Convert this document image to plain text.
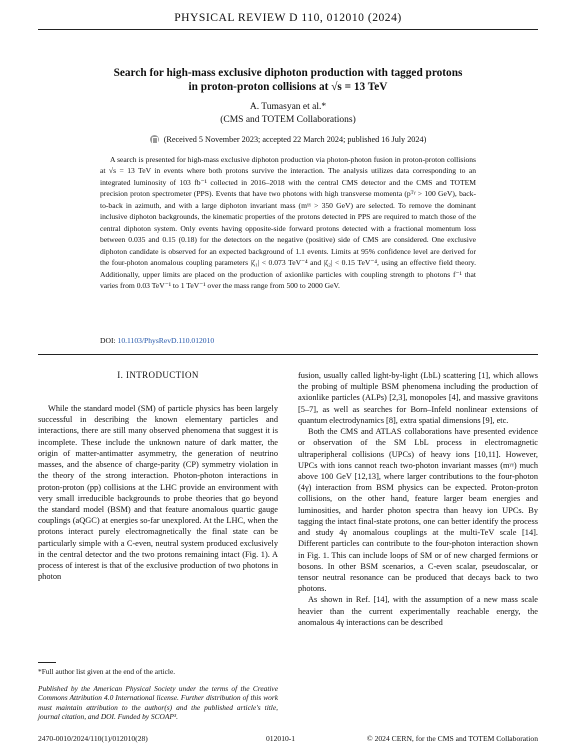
PHYSICAL REVIEW D 110, 012010 (2024)
Search for high-mass exclusive diphoton production with tagged protons
in proton-proton collisions at √s = 13 TeV
A. Tumasyan et al.*
(CMS and TOTEM Collaborations)
(Received 5 November 2023; accepted 22 March 2024; published 16 July 2024)
A search is presented for high-mass exclusive diphoton production via photon-photon fusion in proton-proton collisions at √s = 13 TeV in events where both protons survive the interaction. The analysis utilizes data corresponding to an integrated luminosity of 103 fb⁻¹ collected in 2016–2018 with the central CMS detector and the CMS and TOTEM precision proton spectrometer (PPS). Events that have two photons with high transverse momenta (pᵀᵞ > 100 GeV), back-to-back in azimuth, and with a large diphoton invariant mass (mᵞᵞ > 350 GeV) are selected. To remove the dominant inclusive diphoton backgrounds, the kinematic properties of the protons detected in PPS are required to match those of the central diphoton system. Only events having opposite-side forward protons detected with a fractional momentum loss between 0.035 and 0.15 (0.18) for the detectors on the negative (positive) side of CMS are considered. One exclusive diphoton candidate is observed for an expected background of 1.1 events. Limits at 95% confidence level are derived for the four-photon anomalous coupling parameters |ζ₁| < 0.073 TeV⁻⁴ and |ζ₂| < 0.15 TeV⁻⁴, using an effective field theory. Additionally, upper limits are placed on the production of axionlike particles with coupling strength to photons f⁻¹ that varies from 0.03 TeV⁻¹ to 1 TeV⁻¹ over the mass range from 500 to 2000 GeV.
DOI: 10.1103/PhysRevD.110.012010
I. INTRODUCTION
While the standard model (SM) of particle physics has been largely successful in describing the known elementary particles and interactions, there are still many observed phenomena that suggest it is incomplete. These include the unknown nature of dark matter, the origin of matter-antimatter asymmetry, the generation of neutrino masses, and the absence of charge-parity (CP) symmetry violation in the theory of the strong interaction. Photon-photon interactions in proton-proton (pp) collisions at the LHC provide an environment with very small irreducible backgrounds to probe theories that go beyond the standard model (BSM) and that feature anomalous quartic gauge couplings (aQGC) at energies so-far unexplored. At the LHC, when the protons interact purely electromagnetically the final state can be particularly simple with a C-even, neutral system produced exclusively in the central detector and the two protons remaining intact (Fig. 1). A process of interest is that of the exclusive production of two photons in photon

fusion, usually called light-by-light (LbL) scattering [1], which allows the probing of multiple BSM phenomena including the production of axionlike particles (ALPs) [2,3], monopoles [4], and massive gravitons [5–7], as well as searches for Born–Infeld nonlinear extensions of quantum electrodynamics [8], extra spatial dimensions [9], etc.

Both the CMS and ATLAS collaborations have presented evidence or observation of the SM LbL process in electromagnetic ultraperipheral collisions (UPCs) of heavy ions [10,11]. However, UPCs with ions cannot reach two-photon invariant masses (mᵞᵞ) much above 100 GeV [12,13], where larger contributions to the four-photon (4γ) interaction from BSM physics can be expected. Proton-proton collisions, on the other hand, feature larger beam energies and luminosities, and harder photon spectra than heavy ion UPCs. By tagging the intact final-state protons, one can better identify the process and study 4γ anomalous couplings at the multi-TeV scale [14]. Different particles can contribute to the four-photon interaction shown in Fig. 1. This can include loops of SM or of new charged fermions or bosons. In other BSM scenarios, a C-even scalar, pseudoscalar, or tensor neutral resonance can be produced that decays back to two photons.

As shown in Ref. [14], with the assumption of a new mass scale heavier than the current experimentally reachable energy, the anomalous 4γ interactions can be described

*Full author list given at the end of the article.
Published by the American Physical Society under the terms of the Creative Commons Attribution 4.0 International license. Further distribution of this work must maintain attribution to the author(s) and the published article's title, journal citation, and DOI. Funded by SCOAP³.
2470-0010/2024/110(1)/012010(28)	012010-1	© 2024 CERN, for the CMS and TOTEM Collaboration
